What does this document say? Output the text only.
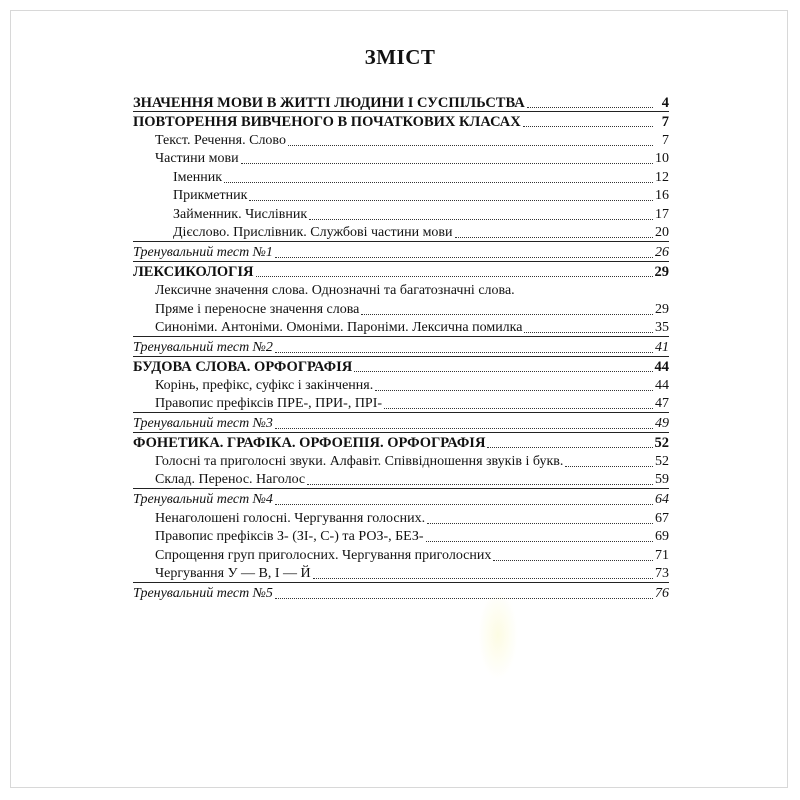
ЗМІСТ
ЗНАЧЕННЯ МОВИ В ЖИТТІ ЛЮДИНИ І СУСПІЛЬСТВА	4
ПОВТОРЕННЯ ВИВЧЕНОГО В ПОЧАТКОВИХ КЛАСАХ	7
Текст. Речення. Слово	7
Частини мови	10
Іменник	12
Прикметник	16
Займенник. Числівник	17
Дієслово. Прислівник. Службові частини мови	20
Тренувальний тест №1	26
ЛЕКСИКОЛОГІЯ	29
Лексичне значення слова. Однозначні та багатозначні слова.
Пряме і переносне значення слова	29
Синоніми. Антоніми. Омоніми. Пароніми. Лексична помилка	35
Тренувальний тест №2	41
БУДОВА СЛОВА. ОРФОГРАФІЯ	44
Корінь, префікс, суфікс і закінчення.	44
Правопис префіксів ПРЕ-, ПРИ-, ПРІ-	47
Тренувальний тест №3	49
ФОНЕТИКА. ГРАФІКА. ОРФОЕПІЯ. ОРФОГРАФІЯ	52
Голосні та приголосні звуки. Алфавіт. Співвідношення звуків і букв.	52
Склад. Перенос. Наголос	59
Тренувальний тест №4	64
Ненаголошені голосні. Чергування голосних.	67
Правопис префіксів З- (ЗІ-, С-) та РОЗ-, БЕЗ-	69
Спрощення груп приголосних. Чергування приголосних	71
Чергування У — В, І — Й	73
Тренувальний тест №5	76
